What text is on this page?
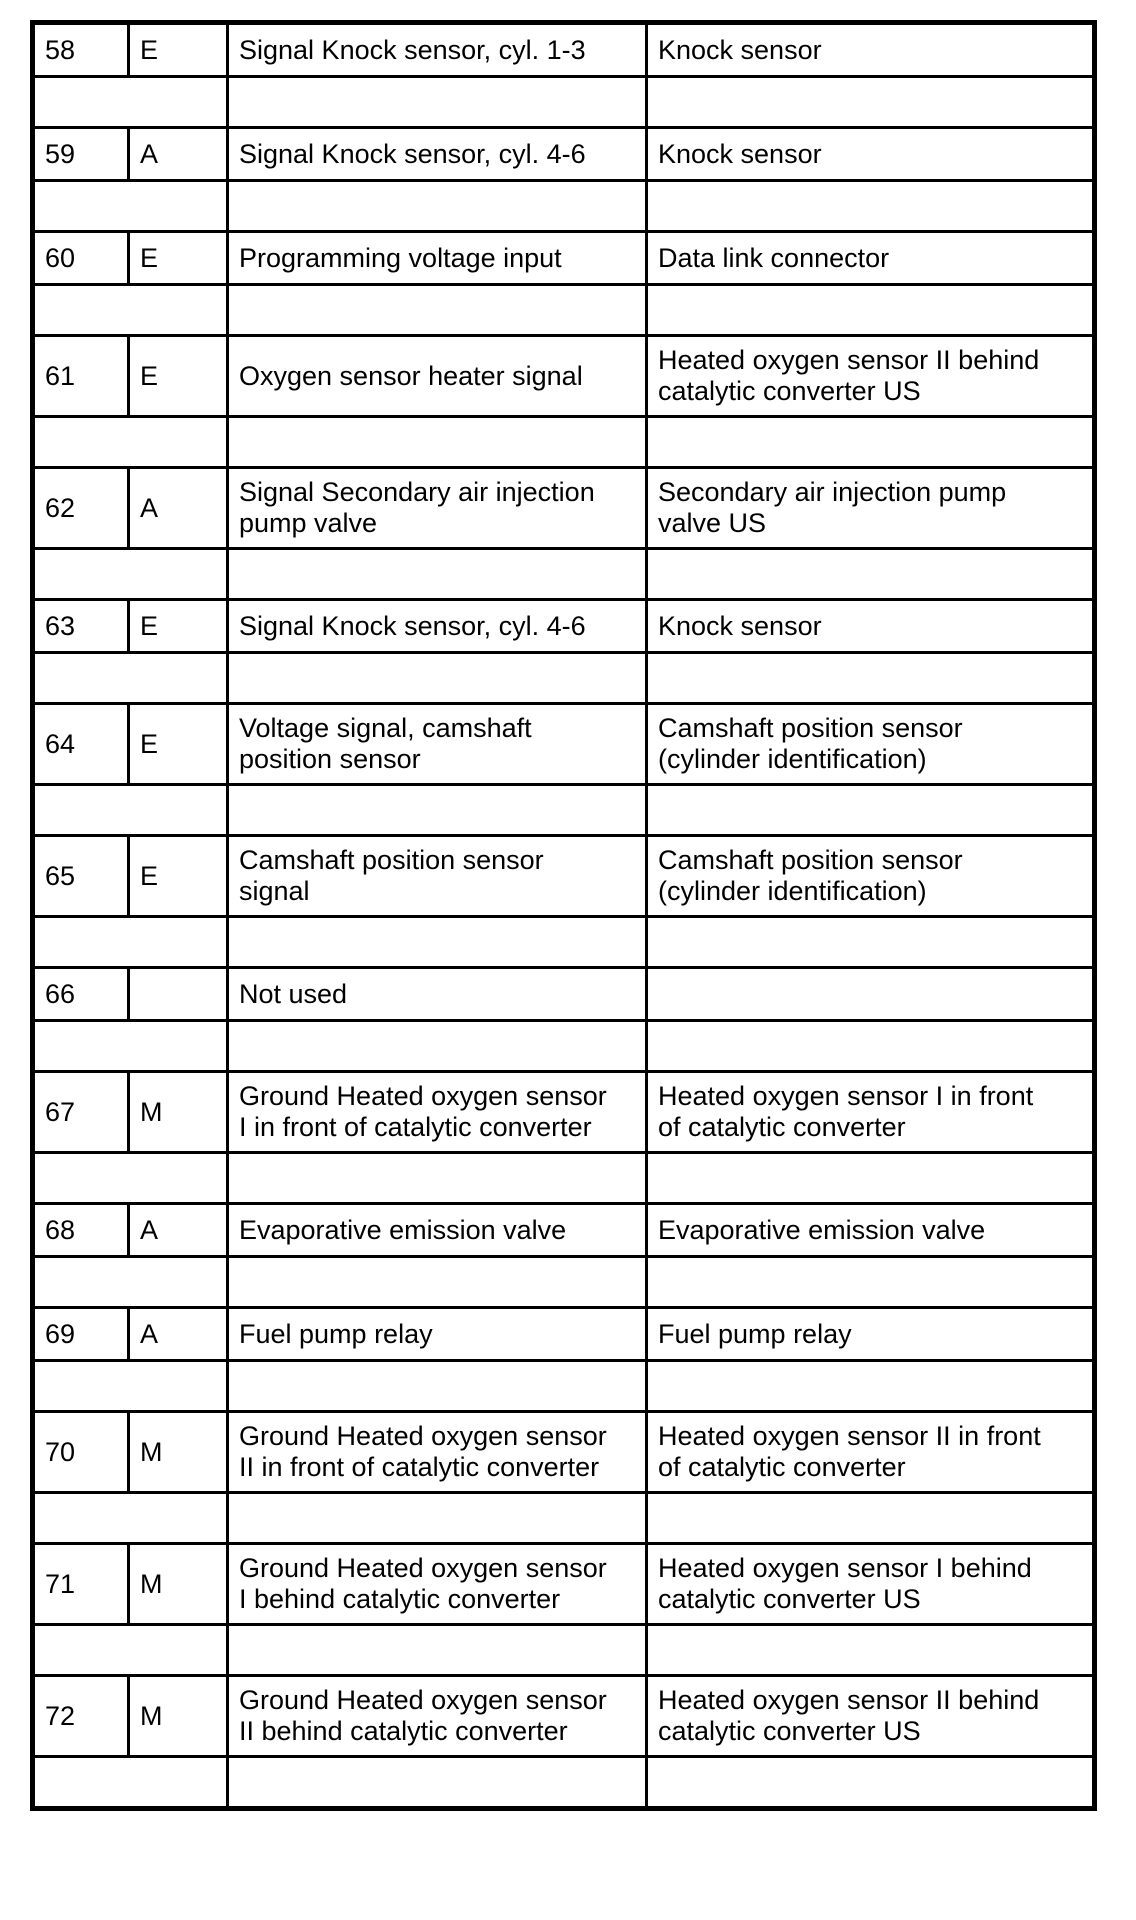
58	E	Signal Knock sensor, cyl. 1-3	Knock sensor

59	A	Signal Knock sensor, cyl. 4-6	Knock sensor

60	E	Programming voltage input	Data link connector

61	E	Oxygen sensor heater signal	Heated oxygen sensor II behind
catalytic converter US

62	A	Signal Secondary air injection
pump valve	Secondary air injection pump
valve US

63	E	Signal Knock sensor, cyl. 4-6	Knock sensor

64	E	Voltage signal, camshaft
position sensor	Camshaft position sensor
(cylinder identification)

65	E	Camshaft position sensor
signal	Camshaft position sensor
(cylinder identification)

66		Not used	

67	M	Ground Heated oxygen sensor
I in front of catalytic converter	Heated oxygen sensor I in front
of catalytic converter

68	A	Evaporative emission valve	Evaporative emission valve

69	A	Fuel pump relay	Fuel pump relay

70	M	Ground Heated oxygen sensor
II in front of catalytic converter	Heated oxygen sensor II in front
of catalytic converter

71	M	Ground Heated oxygen sensor
I behind catalytic converter	Heated oxygen sensor I behind
catalytic converter US

72	M	Ground Heated oxygen sensor
II behind catalytic converter	Heated oxygen sensor II behind
catalytic converter US
